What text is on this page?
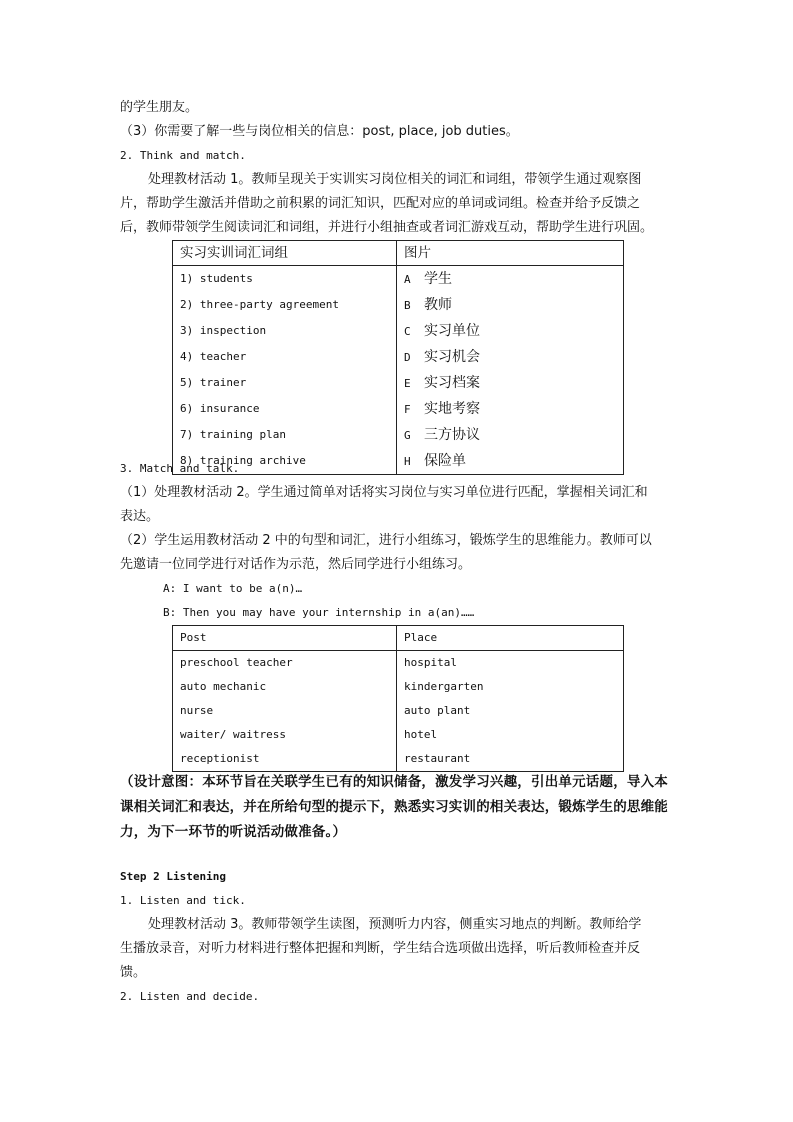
的学生朋友。
（3）你需要了解一些与岗位相关的信息：post, place, job duties。
2. Think and match.
处理教材活动 1。教师呈现关于实训实习岗位相关的词汇和词组，带领学生通过观察图
片，帮助学生激活并借助之前积累的词汇知识，匹配对应的单词或词组。检查并给予反馈之
后，教师带领学生阅读词汇和词组，并进行小组抽查或者词汇游戏互动，帮助学生进行巩固。
实习实训词汇词组	图片
1) students	A 学生
2) three-party agreement	B 教师
3) inspection	C 实习单位
4) teacher	D 实习机会
5) trainer	E 实习档案
6) insurance	F 实地考察
7) training plan	G 三方协议
8) training archive	H 保险单
3. Match and talk.
（1）处理教材活动 2。学生通过简单对话将实习岗位与实习单位进行匹配，掌握相关词汇和
表达。
（2）学生运用教材活动 2 中的句型和词汇，进行小组练习，锻炼学生的思维能力。教师可以
先邀请一位同学进行对话作为示范，然后同学进行小组练习。
A: I want to be a(n)…
B: Then you may have your internship in a(an)……
Post	Place
preschool teacher	hospital
auto mechanic	kindergarten
nurse	auto plant
waiter/ waitress	hotel
receptionist	restaurant
（设计意图：本环节旨在关联学生已有的知识储备，激发学习兴趣，引出单元话题，导入本
课相关词汇和表达，并在所给句型的提示下，熟悉实习实训的相关表达，锻炼学生的思维能
力，为下一环节的听说活动做准备。）
Step 2 Listening
1. Listen and tick.
处理教材活动 3。教师带领学生读图，预测听力内容，侧重实习地点的判断。教师给学
生播放录音，对听力材料进行整体把握和判断，学生结合选项做出选择，听后教师检查并反
馈。
2. Listen and decide.
